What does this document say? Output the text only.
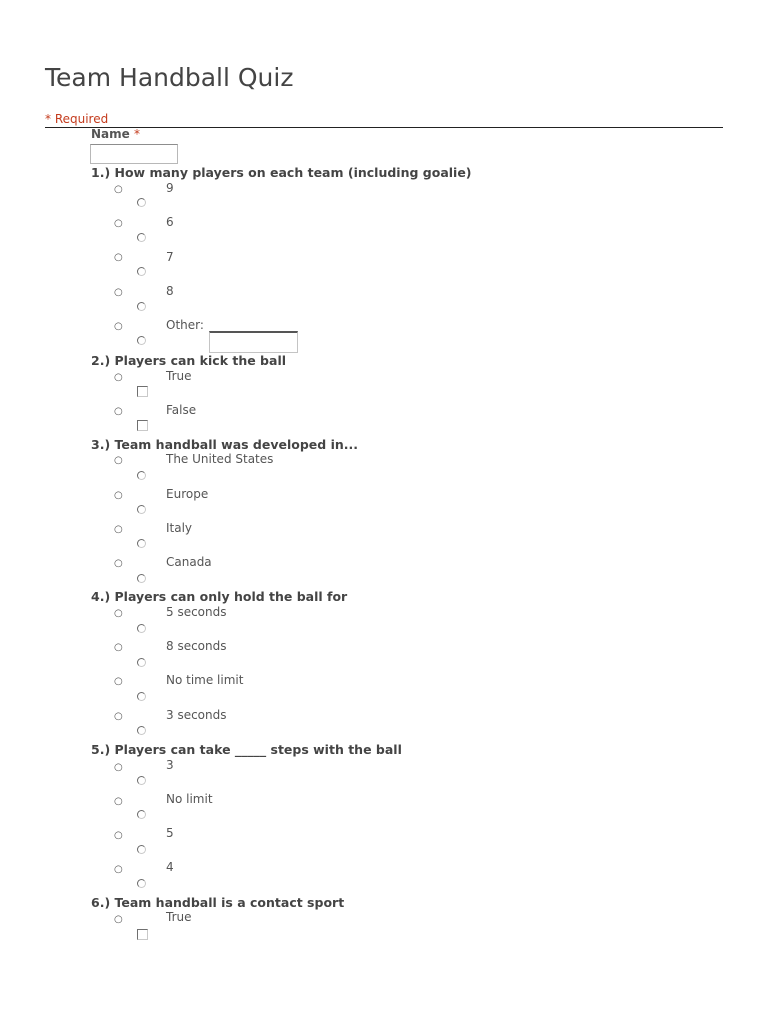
Team Handball Quiz
* Required
Name *
1.) How many players on each team (including goalie)
○	9
○	6
○	7
○	8
○	Other:
2.) Players can kick the ball
○	True
○	False
3.) Team handball was developed in...
○	The United States
○	Europe
○	Italy
○	Canada
4.) Players can only hold the ball for
○	5 seconds
○	8 seconds
○	No time limit
○	3 seconds
5.) Players can take _____ steps with the ball
○	3
○	No limit
○	5
○	4
6.) Team handball is a contact sport
○	True
